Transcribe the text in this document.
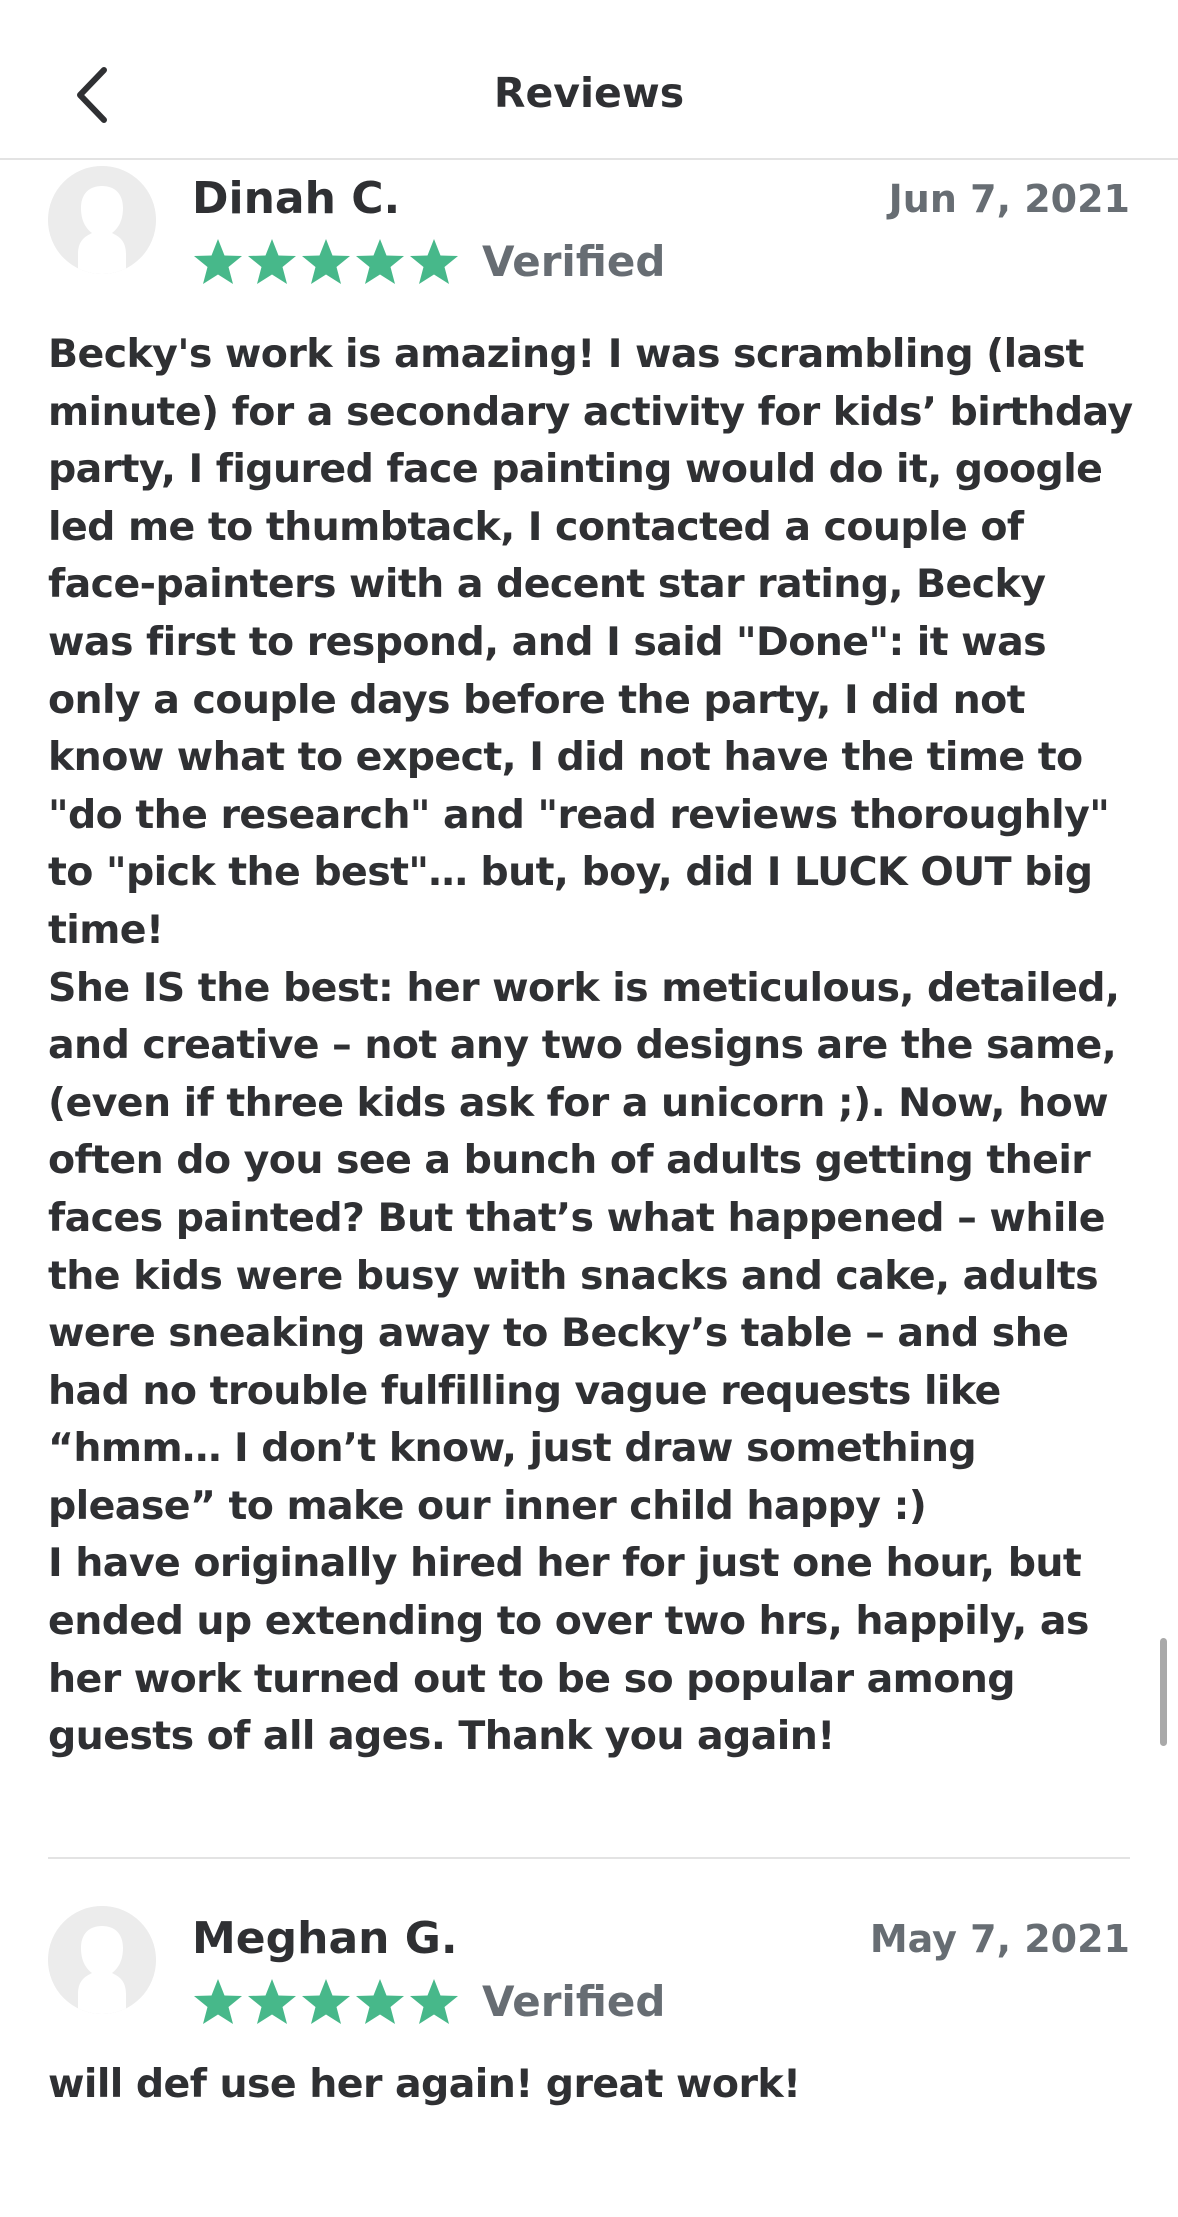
Reviews
Dinah C.	Jun 7, 2021
Verified
Becky's work is amazing! I was scrambling (last minute) for a secondary activity for kids’ birthday party, I figured face painting would do it, google led me to thumbtack, I contacted a couple of face-painters with a decent star rating, Becky was first to respond, and I said "Done": it was only a couple days before the party, I did not know what to expect, I did not have the time to "do the research" and "read reviews thoroughly" to "pick the best"… but, boy, did I LUCK OUT big time!
She IS the best: her work is meticulous, detailed, and creative – not any two designs are the same, (even if three kids ask for a unicorn ;). Now, how often do you see a bunch of adults getting their faces painted? But that’s what happened – while the kids were busy with snacks and cake, adults were sneaking away to Becky’s table – and she had no trouble fulfilling vague requests like “hmm… I don’t know, just draw something please” to make our inner child happy :)
I have originally hired her for just one hour, but ended up extending to over two hrs, happily, as her work turned out to be so popular among guests of all ages. Thank you again!
Meghan G.	May 7, 2021
Verified
will def use her again! great work!
